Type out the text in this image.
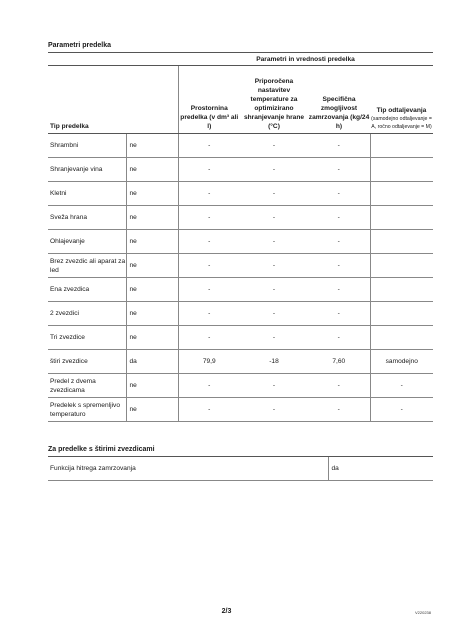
Parametri predelka
		Parametri in vrednosti predelka			
Tip predelka		Prostornina predelka (v dm³ ali l)	Priporočena nastavitev temperature za optimizirano shranjevanje hrane (°C)	Specifična zmogljivost zamrzovanja (kg/24 h)	Tip odtaljevanja
(samodejno odtaljevanje = A, ročno odtaljevanje = M)

Shrambni	ne	-	-	-	
Shranjevanje vina	ne	-	-	-	
Kletni	ne	-	-	-	
Sveža hrana	ne	-	-	-	
Ohlajevanje	ne	-	-	-	
Brez zvezdic ali aparat za led	ne	-	-	-	
Ena zvezdica	ne	-	-	-	
2 zvezdici	ne	-	-	-	
Tri zvezdice	ne	-	-	-	
štiri zvezdice	da	79,9	-18	7,60	samodejno
Predel z dvema zvezdicama	ne	-	-	-	-
Predelek s spremenljivo temperaturo	ne	-	-	-	-
Za predelke s štirimi zvezdicami
Funkcija hitrega zamrzovanja	da
2/3	V220238
